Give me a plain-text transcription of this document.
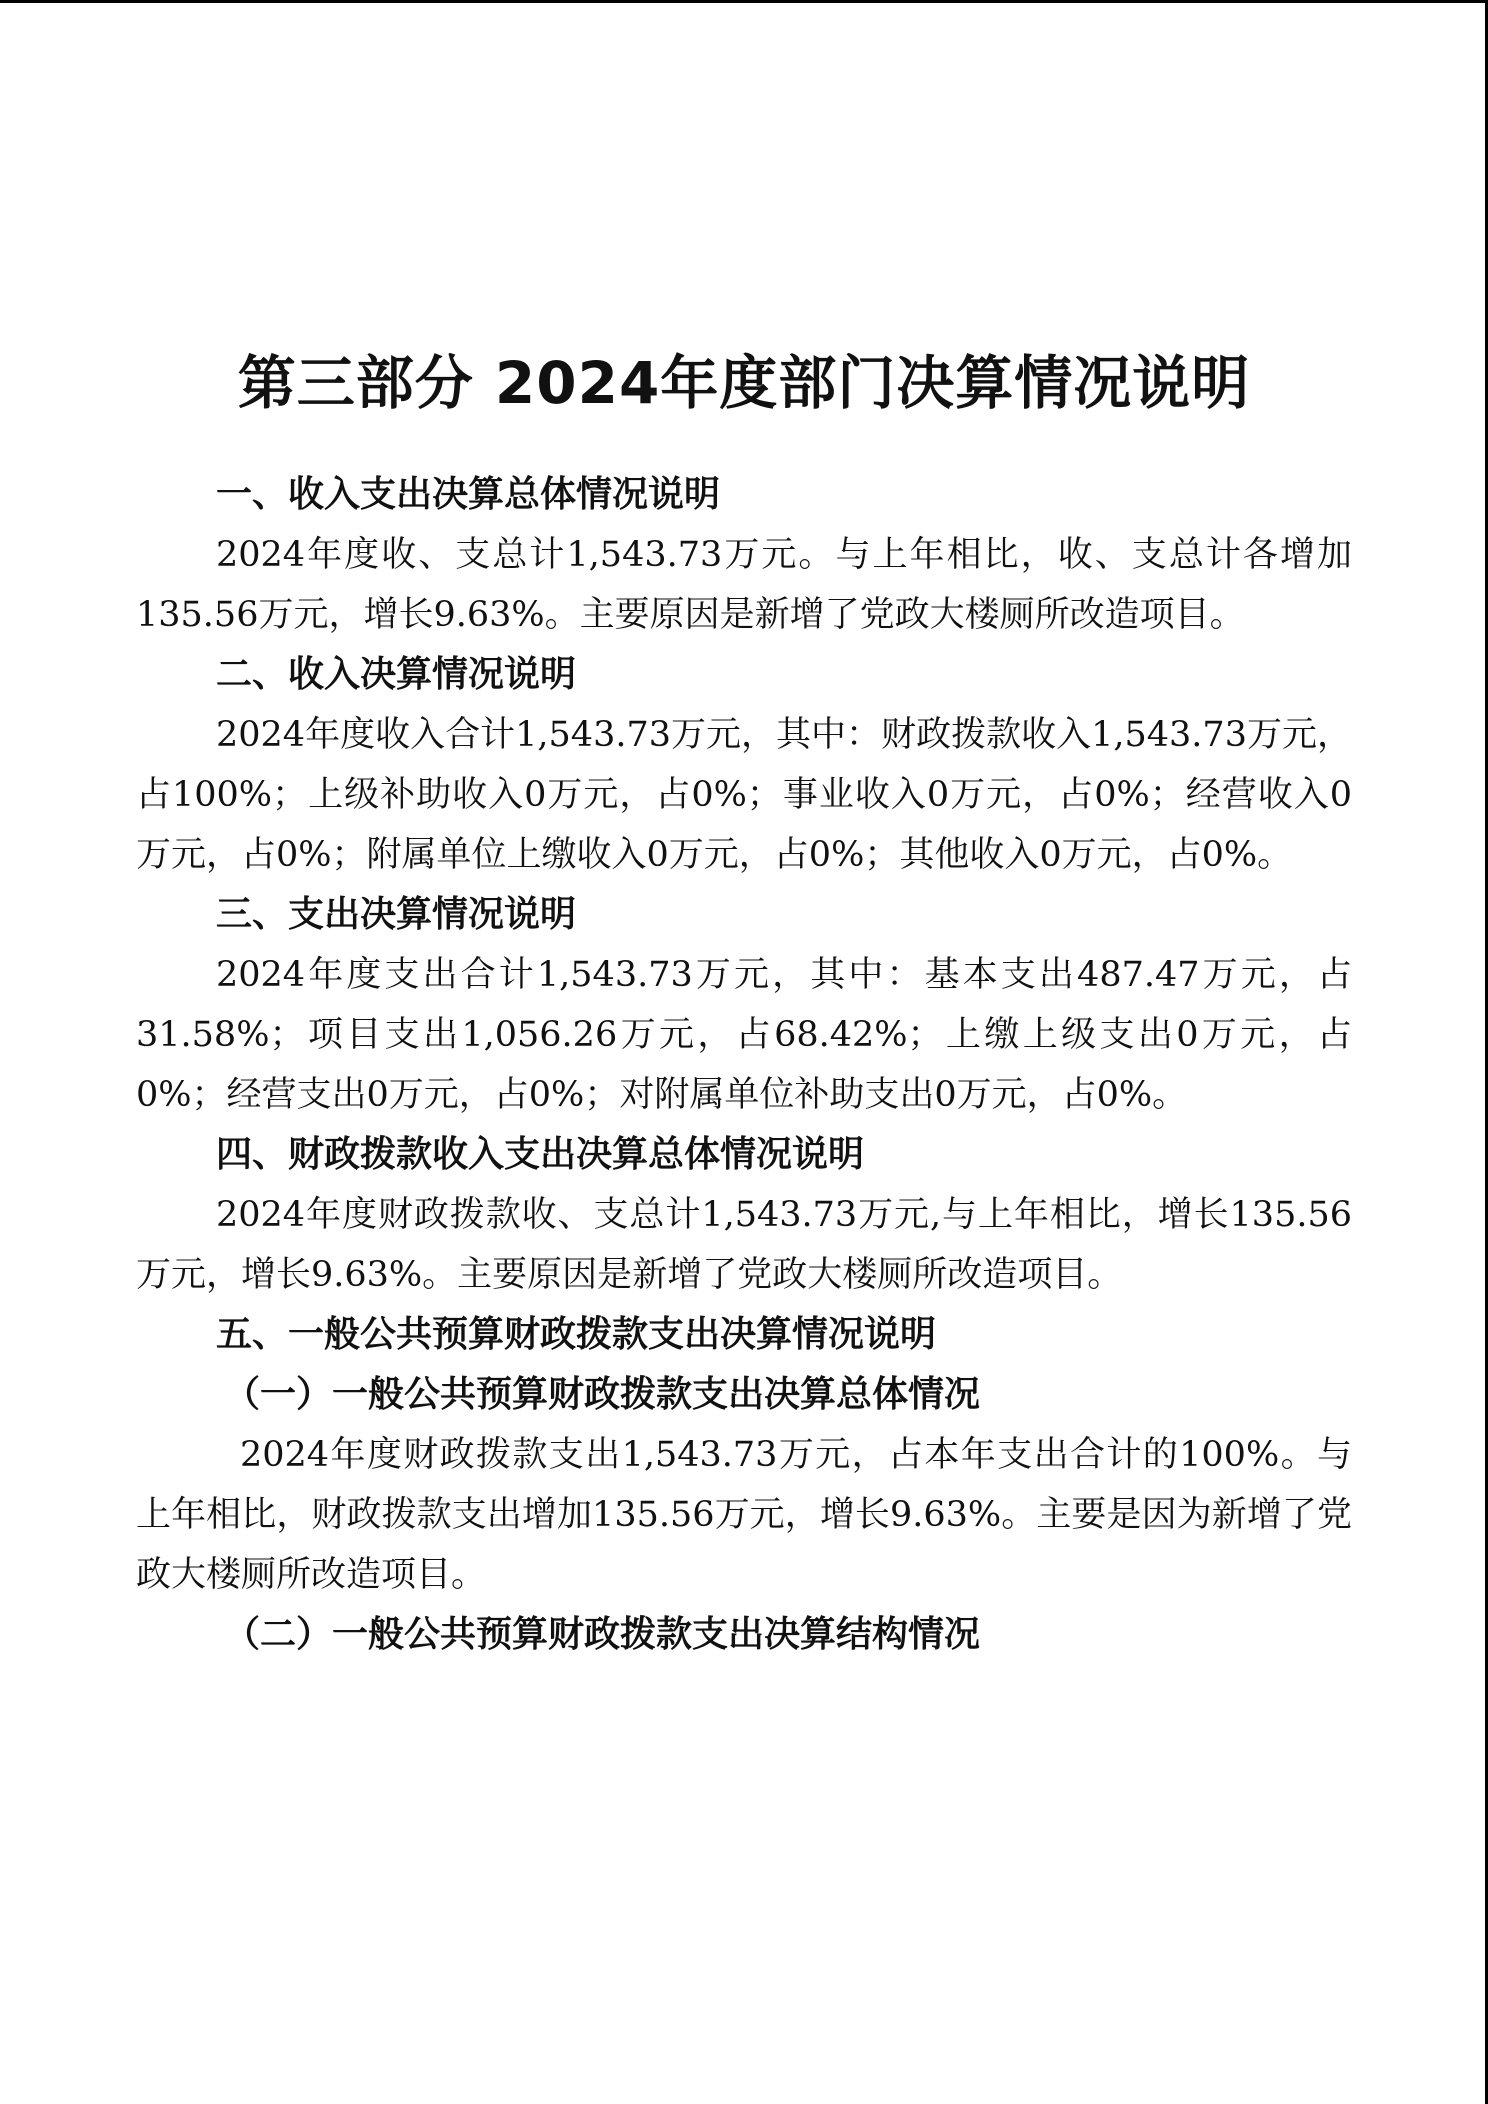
第三部分 2024年度部门决算情况说明

一、收入支出决算总体情况说明

2024年度收、支总计1,543.73万元。与上年相比，收、支总计各增加135.56万元，增长9.63%。主要原因是新增了党政大楼厕所改造项目。

二、收入决算情况说明

2024年度收入合计1,543.73万元，其中：财政拨款收入1,543.73万元，占100%；上级补助收入0万元，占0%；事业收入0万元，占0%；经营收入0万元，占0%；附属单位上缴收入0万元，占0%；其他收入0万元，占0%。

三、支出决算情况说明

2024年度支出合计1,543.73万元，其中：基本支出487.47万元，占31.58%；项目支出1,056.26万元，占68.42%；上缴上级支出0万元，占0%；经营支出0万元，占0%；对附属单位补助支出0万元，占0%。

四、财政拨款收入支出决算总体情况说明

2024年度财政拨款收、支总计1,543.73万元,与上年相比，增长135.56万元，增长9.63%。主要原因是新增了党政大楼厕所改造项目。

五、一般公共预算财政拨款支出决算情况说明

（一）一般公共预算财政拨款支出决算总体情况

2024年度财政拨款支出1,543.73万元，占本年支出合计的100%。与上年相比，财政拨款支出增加135.56万元，增长9.63%。主要是因为新增了党政大楼厕所改造项目。

（二）一般公共预算财政拨款支出决算结构情况
